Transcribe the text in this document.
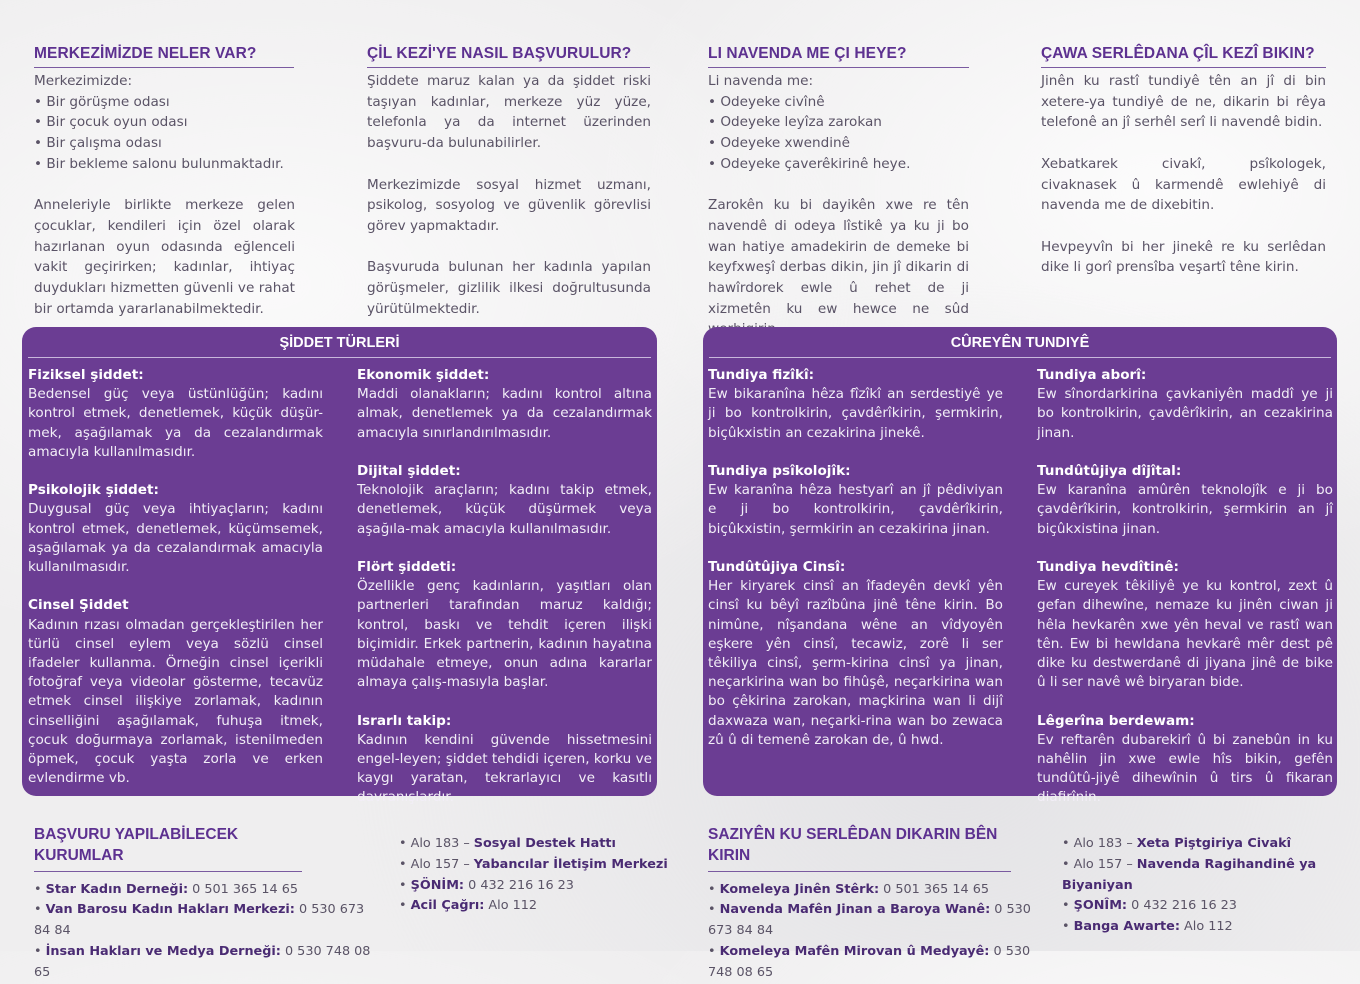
MERKEZİMİZDE NELER VAR?
Merkezimizde:
• Bir görüşme odası
• Bir çocuk oyun odası
• Bir çalışma odası
• Bir bekleme salonu bulunmaktadır.
Anneleriyle birlikte merkeze gelen çocuklar, kendileri için özel olarak hazırlanan oyun odasında eğlenceli vakit geçirirken; kadınlar, ihtiyaç duydukları hizmetten güvenli ve rahat bir ortamda yararlanabilmektedir.
ÇİL KEZİ'YE NASIL BAŞVURULUR?
Şiddete maruz kalan ya da şiddet riski taşıyan kadınlar, merkeze yüz yüze, telefonla ya da internet üzerinden başvuru-da bulunabilirler.
Merkezimizde sosyal hizmet uzmanı, psikolog, sosyolog ve güvenlik görevlisi görev yapmaktadır.
Başvuruda bulunan her kadınla yapılan görüşmeler, gizlilik ilkesi doğrultusunda yürütülmektedir.
LI NAVENDA ME ÇI HEYE?
Li navenda me:
• Odeyeke civînê
• Odeyeke leyîza zarokan
• Odeyeke xwendinê
• Odeyeke çaverêkirinê heye.
Zarokên ku bi dayikên xwe re tên navendê di odeya lîstikê ya ku ji bo wan hatiye amadekirin de demeke bi keyfxweşî derbas dikin, jin jî dikarin di hawîrdorek ewle û rehet de ji xizmetên ku ew hewce ne sûd
ÇAWA SERLÊDANA ÇÎL KEZÎ BIKIN?
Jinên ku rastî tundiyê tên an jî di bin xetere-ya tundiyê de ne, dikarin bi rêya telefonê an jî serhêl serî li navendê bidin.
Xebatkarek civakî, psîkologek, civaknasek û karmendê ewlehiyê di navenda me de dixebitin.
Hevpeyvîn bi her jinekê re ku serlêdan dike li gorî prensîba veşartî têne kirin.
ŞİDDET TÜRLERİ
Fiziksel şiddet:
Bedensel güç veya üstünlüğün; kadını kontrol etmek, denetlemek, küçük düşür-mek, aşağılamak ya da cezalandırmak amacıyla kullanılmasıdır.
Psikolojik şiddet:
Duygusal güç veya ihtiyaçların; kadını kontrol etmek, denetlemek, küçümsemek, aşağılamak ya da cezalandırmak amacıyla kullanılmasıdır.
Cinsel Şiddet
Kadının rızası olmadan gerçekleştirilen her türlü cinsel eylem veya sözlü cinsel ifadeler kullanma. Örneğin cinsel içerikli fotoğraf veya videolar gösterme, tecavüz etmek cinsel ilişkiye zorlamak, kadının cinselliğini aşağılamak, fuhuşa itmek, çocuk doğurmaya zorlamak, istenilmeden öpmek, çocuk yaşta zorla ve erken evlendirme vb.
Ekonomik şiddet:
Maddi olanakların; kadını kontrol altına almak, denetlemek ya da cezalandırmak amacıyla sınırlandırılmasıdır.
Dijital şiddet:
Teknolojik araçların; kadını takip etmek, denetlemek, küçük düşürmek veya aşağıla-mak amacıyla kullanılmasıdır.
Flört şiddeti:
Özellikle genç kadınların, yaşıtları olan partnerleri tarafından maruz kaldığı; kontrol, baskı ve tehdit içeren ilişki biçimidir. Erkek partnerin, kadının hayatına müdahale etmeye, onun adına kararlar almaya çalış-masıyla başlar.
Israrlı takip:
Kadının kendini güvende hissetmesini engel-leyen; şiddet tehdidi içeren, korku ve kaygı yaratan, tekrarlayıcı ve kasıtlı davranışlardır.
CÛREYÊN TUNDIYÊ
Tundiya fizîkî:
Ew bikaranîna hêza fîzîkî an serdestiyê ye ji bo kontrolkirin, çavdêrîkirin, şermkirin, biçûkxistin an cezakirina jinekê.
Tundiya psîkolojîk:
Ew karanîna hêza hestyarî an jî pêdiviyan e ji bo kontrolkirin, çavdêrîkirin, biçûkxistin, şermkirin an cezakirina jinan.
Tundûtûjiya Cinsî:
Her kiryarek cinsî an îfadeyên devkî yên cinsî ku bêyî razîbûna jinê têne kirin. Bo nimûne, nîşandana wêne an vîdyoyên eşkere yên cinsî, tecawiz, zorê li ser têkiliya cinsî, şerm-kirina cinsî ya jinan, neçarkirina wan bo fihûşê, neçarkirina wan bo çêkirina zarokan, maçkirina wan li dijî daxwaza wan, neçarki-rina wan bo zewaca zû û di temenê zarokan de, û hwd.
Tundiya aborî:
Ew sînordarkirina çavkaniyên maddî ye ji bo kontrolkirin, çavdêrîkirin, an cezakirina jinan.
Tundûtûjiya dîjîtal:
Ew karanîna amûrên teknolojîk e ji bo çavdêrîkirin, kontrolkirin, şermkirin an jî biçûkxistina jinan.
Tundiya hevdîtinê:
Ew cureyek têkiliyê ye ku kontrol, zext û gefan dihewîne, nemaze ku jinên ciwan ji hêla hevkarên xwe yên heval ve rastî wan tên. Ew bi hewldana hevkarê mêr dest pê dike ku destwerdanê di jiyana jinê de bike û li ser navê wê biryaran bide.
Lêgerîna berdewam:
Ev reftarên dubarekirî û bi zanebûn in ku nahêlin jin xwe ewle hîs bikin, gefên tundûtû-jiyê dihewînin û tirs û fikaran diafirînin.
BAŞVURU YAPILABİLECEK KURUMLAR
• Star Kadın Derneği: 0 501 365 14 65
• Van Barosu Kadın Hakları Merkezi: 0 530 673 84 84
• İnsan Hakları ve Medya Derneği: 0 530 748 08 65
• Alo 183 – Sosyal Destek Hattı
• Alo 157 – Yabancılar İletişim Merkezi
• ŞÖNİM: 0 432 216 16 23
• Acil Çağrı: Alo 112
SAZIYÊN KU SERLÊDAN DIKARIN BÊN KIRIN
• Komeleya Jinên Stêrk: 0 501 365 14 65
• Navenda Mafên Jinan a Baroya Wanê: 0 530 673 84 84
• Komeleya Mafên Mirovan û Medyayê: 0 530 748 08 65
• Alo 183 – Xeta Piştgiriya Civakî
• Alo 157 – Navenda Ragihandinê ya Biyaniyan
• ŞONÎM: 0 432 216 16 23
• Banga Awarte: Alo 112
